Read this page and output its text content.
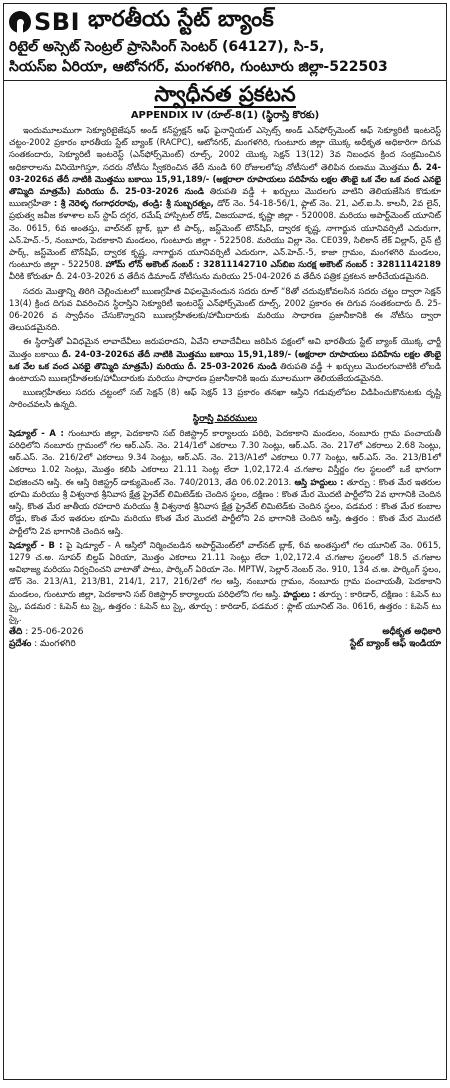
SBI భారతీయ స్టేట్ బ్యాంక్
రిటైల్ అస్సెట్ సెంట్రల్ ప్రాసెసింగ్ సెంటర్ (64127), సి-5,
సియస్ఐ ఏరియా, ఆటోనగర్, మంగళగిరి, గుంటూరు జిల్లా-522503
స్వాధీనత ప్రకటన
APPENDIX IV (రూల్-8(1) (స్థిరాస్తి కొరకు)

ఇందుమూలముగా సెక్యూరిటైజేషన్ అండ్ కన్‌స్ట్రక్షన్ ఆఫ్ ఫైనాన్షియల్ ఎస్సెట్స్ అండ్ ఎన్‌ఫోర్స్‌మెంట్ ఆఫ్ సెక్యూరిటీ ఇంటరెస్ట్ చట్టం-2002 ప్రకారం భారతీయ స్టేట్ బ్యాంక్ (RACPC), ఆటోనగర్, మంగళగిరి, గుంటూరు జిల్లా యొక్క అధీకృత అధికారిగా దిగువ సంతకందారు, సెక్యూరిటీ ఇంటరెస్ట్ (ఎన్‌ఫోర్స్‌మెంట్) రూల్స్, 2002 యొక్క సెక్షన్ 13(12) 3వ నిబంధన క్రింద సంక్రమించిన అధికారాలను వినియోగిస్తూ, సదరు నోటీసు స్వీకరించిన తేదీ నుండి 60 రోజులలోపు నోటీసులో తెలిపిన రుణము మొత్తము దీ. 24-03-2026వ తేదీ నాటికి మొత్తము బకాయి 15,91,189/- (అక్షరాలా రూపాయలు పదిహేను లక్షల తొంభై ఒక వేల ఒక వంద ఎనభై తొమ్మిది మాత్రమే) మరియు దీ. 25-03-2026 నుండి తిరుపతి వడ్డీ + ఖర్చులు మొదలగు వాటిని తెలియజేసిన కొడుకూ ఋణగ్రహీతా : శ్రీ నెరెళ్ళ గంగాధరరావు, తండ్రి: శ్రీ సుబ్బరత్నం, డోర్ నెం. 54-18-56/1, ఫ్లాట్ నెం. 21, ఎల్.ఐ.సి. కాలనీ, 2వ లైన్, ప్రభుత్వ జవీజ కళాశాల బస్ స్టాప్ దగ్గర, రమేష్ హాస్పిటల్ రోడ్, విజయవాడ, కృష్ణా జిల్లా - 520008. మరియు అపార్ట్‌మెంట్ యూనిట్ నెం. 0615, 6వ అంతస్తు, వాల్‌నట్ బ్లాక్, బ్లూ టి పార్క్, జస్ట్‌మెంట్ టౌన్‌షిప్, ద్వారక కృష్ణ, నాగార్జున యూనివర్సిటీ ఎదురుగా, ఎన్.హెచ్.-5, నంబూరు, పెదకాకాని మండలం, గుంటూరు జిల్లా - 522508. మరియు విల్లా నెం. CE039, సిలికాన్ లేక్ విల్లాస్, రైన్ ట్రీ పార్క్, జస్ట్‌మెంట్ టౌన్‌షిప్, ద్వారక కృష్ణ, నాగార్జున యూనివర్సిటీ ఎదురుగా, ఎన్.హెచ్.-5, కాజా గ్రామం, మంగళగిరి మండలం, గుంటూరు జిల్లా - 522508. హోమ్ లోన్ అకౌంట్ నంబర్ : 32811142710 ఎస్‌బిఐ సురక్ష అకౌంట్ నంబర్ : 32811142189 వీరికి కోరుతూ దీ. 24-03-2026 వ తేదీన డిమాండ్ నోటీసును మరియు 25-04-2026 వ తేదీన పత్రిక ప్రకటన జారీచేయడమైనది.

సదరు మొత్తాన్ని తిరిగి చెల్లించుటలో ఋణగ్రహీత విఫలమైనందున సదరు రూల్ “8తో చదువుకోవలసిన సదరు చట్టం ద్వారా సెక్షన్ 13(4) క్రింద దిగువ వివరించిన స్థిరాస్తిని సెక్యూరిటీ ఇంటరెస్ట్ ఎన్‌ఫోర్స్‌మెంట్ రూల్స్, 2002 ప్రకారం ఈ దిగువ సంతకందారు దీ. 25-06-2026 వ స్వాధీనం చేసుకొన్నారని ఋణగ్రహీతలకు/హామీదారుకు మరియు సాధారణ ప్రజానీకానికి ఈ నోటీసు ద్వారా తెలుపడమైనది.

ఈ స్థిరాస్తితో ఏవిధమైన లావాదేవీలు జరుపరాదని, ఏవేని లావాదేవీలు జరిపిన పక్షంలో అవి భారతీయ స్టేట్ బ్యాంక్ యొక్క ఛార్జీ మొత్తం బకాయి దీ. 24-03-2026వ తేదీ నాటికి మొత్తము బకాయి 15,91,189/- (అక్షరాలా రూపాయలు పదిహేను లక్షల తొంభై ఒక వేల ఒక వంద ఎనభై తొమ్మిది మాత్రమే) మరియు దీ. 25-03-2026 నుండి తిరుపతి వడ్డీ + ఖర్చులు మొదలగువాటికి లోబడి ఉంటాయని ఋణగ్రహీతలకు/హామీదారుకు మరియు సాధారణ ప్రజానీకానికి ఇందు మూలముగా తెలియజేయడమైనది.

ఋణగ్రహీతలు సదరు చట్టంలో సబ్ సెక్షన్ (8) ఆఫ్ సెక్షన్ 13 ప్రకారం తనఖా ఆస్తిని గడువులోపల విడిపించుకొనుటకు దృష్టి సారించవలసి ఉన్నది.

స్థిరాస్తి వివరములు

షెడ్యూల్ - A : గుంటూరు జిల్లా, పెదకాకాని సబ్ రిజిస్ట్రార్ కార్యాలయ పరిధి, పెదకాకాని మండలం, నంబూరు గ్రామ పంచాయతీ పరిధిలోని నంబూరు గ్రామంలో గల ఆర్.ఎస్. నెం. 214/1లో ఎకరాలు 7.30 సెంట్లు, ఆర్.ఎస్. నెం. 217లో ఎకరాలు 2.68 సెంట్లు, ఆర్.ఎస్. నెం. 216/2లో ఎకరాలు 9.34 సెంట్లు, ఆర్.ఎస్. నెం. 213/A1లో ఎకరాలు 0.77 సెంట్లు, ఆర్.ఎస్. నెం. 213/B1లో ఎకరాలు 1.02 సెంట్లు, మొత్తం కలిపి ఎకరాలు 21.11 సెంట్ల లేదా 1,02,172.4 చ.గజాల విస్తీర్ణం గల స్థలంలో ఒకే భాగంగా విభజించని ఆస్తి. ఈ ఆస్తి రిజిస్ట్రర్ డాక్యుమెంట్ నెం. 740/2013, తేది 06.02.2013. ఆస్తి హద్దులు : తూర్పు : కొంత మేర ఇతరుల భూమి మరియు శ్రీ విశ్వనాథ శ్రీనివాస క్షేత్ర ప్రైవేట్ లిమిటెడ్‌కు చెందిన స్థలం, దక్షిణం : కొంత మేర మొదటి పార్టీలోని 2వ భాగానికి చెందిన ఆస్తి, కొంత మేర జాతీయ రహదారి మరియు శ్రీ విశ్వనాథ శ్రీనివాస క్షేత్ర ప్రైవేట్ లిమిటెడ్‌కు చెందిన స్థలం, పడమర : కొంత మేర కంబాల రోడ్డు, కొంత మేర ఇతరుల భూమి మరియు కొంత మేర మొదటి పార్టీలోని 2వ భాగానికి చెందిన ఆస్తి, ఉత్తరం : కొంత మేర మొదటి పార్టీలోని 2వ భాగానికి చెందిన ఆస్తి.

షెడ్యూల్ - B : పై షెడ్యూల్ - A ఆస్తిలో నిర్మించబడిన అపార్ట్‌మెంట్‌లో వాల్‌నట్ బ్లాక్, 6వ అంతస్తులో గల యూనిట్ నెం. 0615, 1279 చ.అ. సూపర్ బిల్డప్ ఏరియా, మొత్తం ఎకరాలు 21.11 సెంట్లు లేదా 1,02,172.4 చ.గజాల స్థలంలో 18.5 చ.గజాల అవిభాజ్య మరియు నిర్వచించని వాటాతో పాటు, పార్కింగ్ ఏరియా నెం. MPTW, సెల్లార్ నెంబర్ నెం. 910, 134 చ.అ. పార్కింగ్ స్థలం, డోర్ నెం. 213/A1, 213/B1, 214/1, 217, 216/2లో గల ఆస్తి, నంబూరు గ్రామం, నంబూరు గ్రామ పంచాయతీ, పెదకాకాని మండలం, గుంటూరు జిల్లా, పెదకాకాని సబ్ రిజిస్ట్రార్ కార్యాలయ పరిధిలోని గల ఆస్తి. హద్దులు : తూర్పు : కారిడార్, దక్షిణం : ఓపెన్ టు స్కై, పడమర : ఓపెన్ టు స్కై, ఉత్తరం : ఓపెన్ టు స్కై, తూర్పు : కారిడార్, పడమర : ఫ్లాట్ యూనిట్ నెం. 0616, ఉత్తరం : ఓపెన్ టు స్కై.

తేది : 25-06-2026
ప్రదేశం : మంగళగిరి
అధీకృత అధికారి
స్టేట్ బ్యాంక్ ఆఫ్ ఇండియా
